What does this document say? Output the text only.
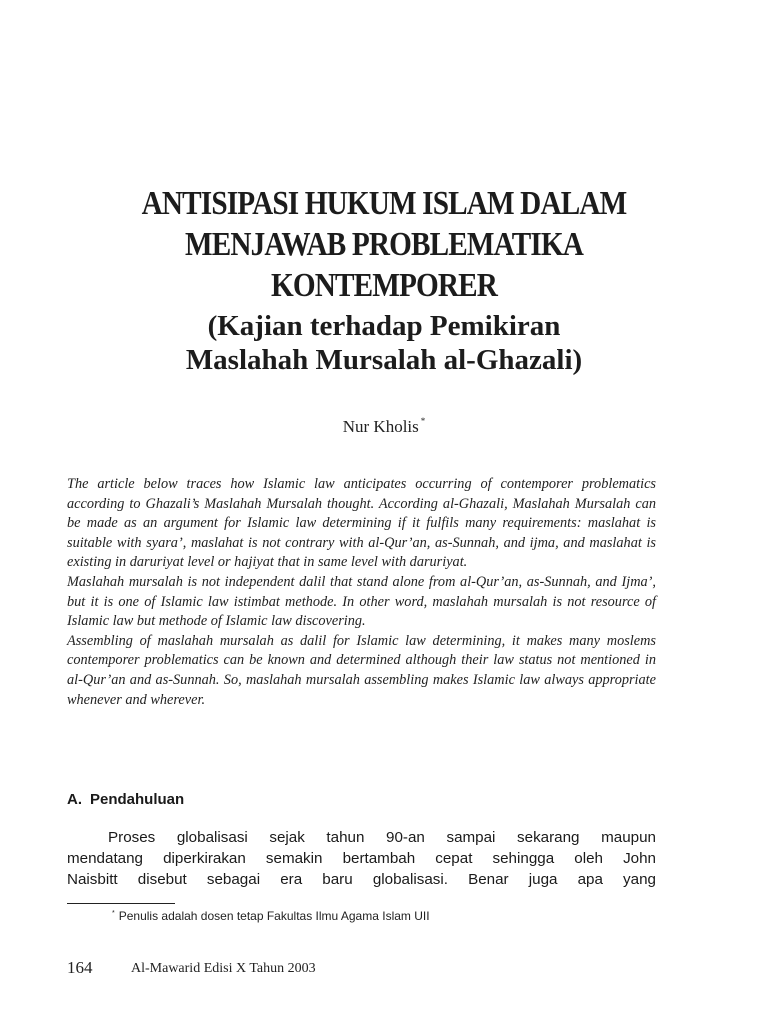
ANTISIPASI HUKUM ISLAM DALAM
MENJAWAB PROBLEMATIKA
KONTEMPORER
(Kajian terhadap Pemikiran
Maslahah Mursalah al-Ghazali)
Nur Kholis *

The article below traces how Islamic law anticipates occurring of contemporer problematics according to Ghazali’s Maslahah Mursalah thought. According al-Ghazali, Maslahah Mursalah can be made as an argument for Islamic law determining if it fulfils many requirements: maslahat is suitable with syara’, maslahat is not contrary with al-Qur’an, as-Sunnah, and ijma, and maslahat is existing in daruriyat level or hajiyat that in same level with daruriyat.

Maslahah mursalah is not independent dalil that stand alone from al-Qur’an, as-Sunnah, and Ijma’, but it is one of Islamic law istimbat methode. In other word, maslahah mursalah is not resource of Islamic law but methode of Islamic law discovering.

Assembling of maslahah mursalah as dalil for Islamic law determining, it makes many moslems contemporer problematics can be known and determined although their law status not mentioned in al-Qur’an and as-Sunnah. So, maslahah mursalah assembling makes Islamic law always appropriate whenever and wherever.

A. Pendahuluan
Proses globalisasi sejak tahun 90-an sampai sekarang maupun
mendatang diperkirakan semakin bertambah cepat sehingga oleh John
Naisbitt disebut sebagai era baru globalisasi. Benar juga apa yang
* Penulis adalah dosen tetap Fakultas Ilmu Agama Islam UII
164	Al-Mawarid Edisi X Tahun 2003
